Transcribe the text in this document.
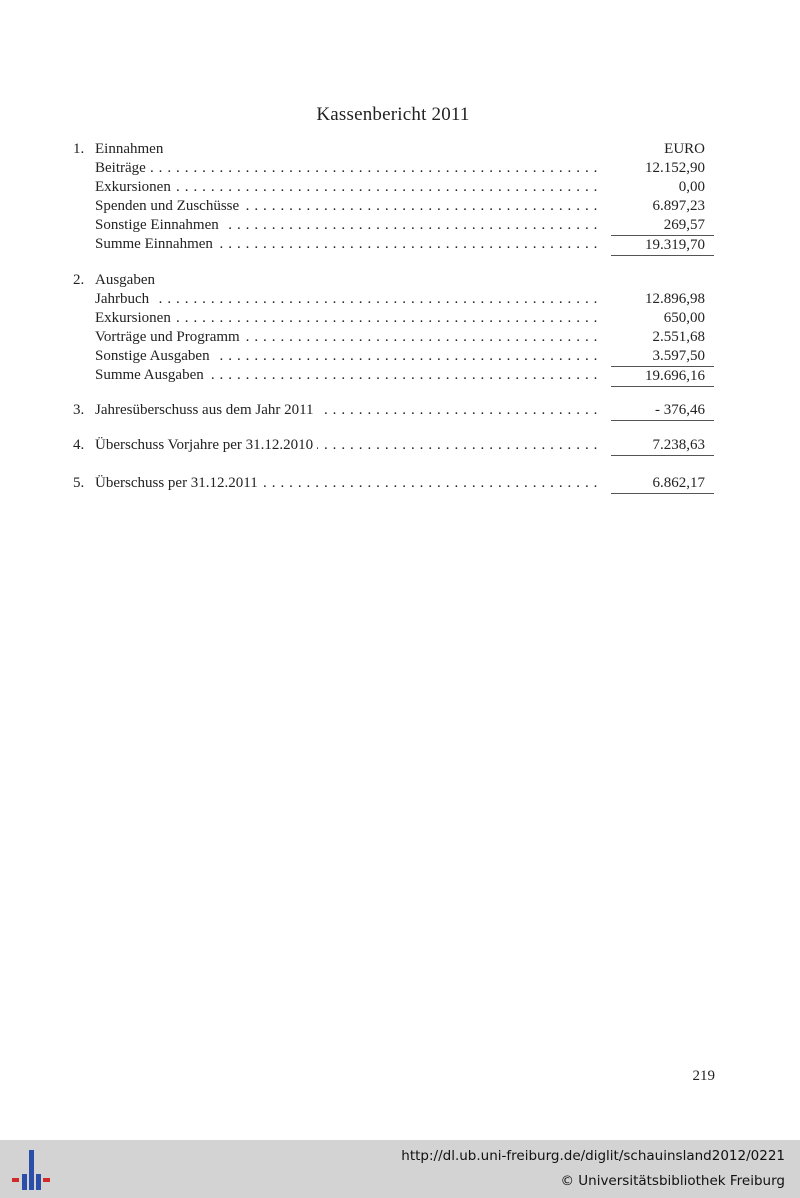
Kassenbericht 2011
1. Einnahmen	EURO
Beiträge . . .	12.152,90
Exkursionen . . .	0,00
Spenden und Zuschüsse . . .	6.897,23
Sonstige Einnahmen . . .	269,57
Summe Einnahmen . . .	19.319,70
2. Ausgaben
Jahrbuch . . .	12.896,98
Exkursionen . . .	650,00
Vorträge und Programm . . .	2.551,68
Sonstige Ausgaben . . .	3.597,50
Summe Ausgaben . . .	19.696,16
3. Jahresüberschuss aus dem Jahr 2011 . . .	- 376,46
4. Überschuss Vorjahre per 31.12.2010 . . .	7.238,63
5. Überschuss per 31.12.2011 . . .	6.862,17
219
http://dl.ub.uni-freiburg.de/diglit/schauinsland2012/0221
© Universitätsbibliothek Freiburg
